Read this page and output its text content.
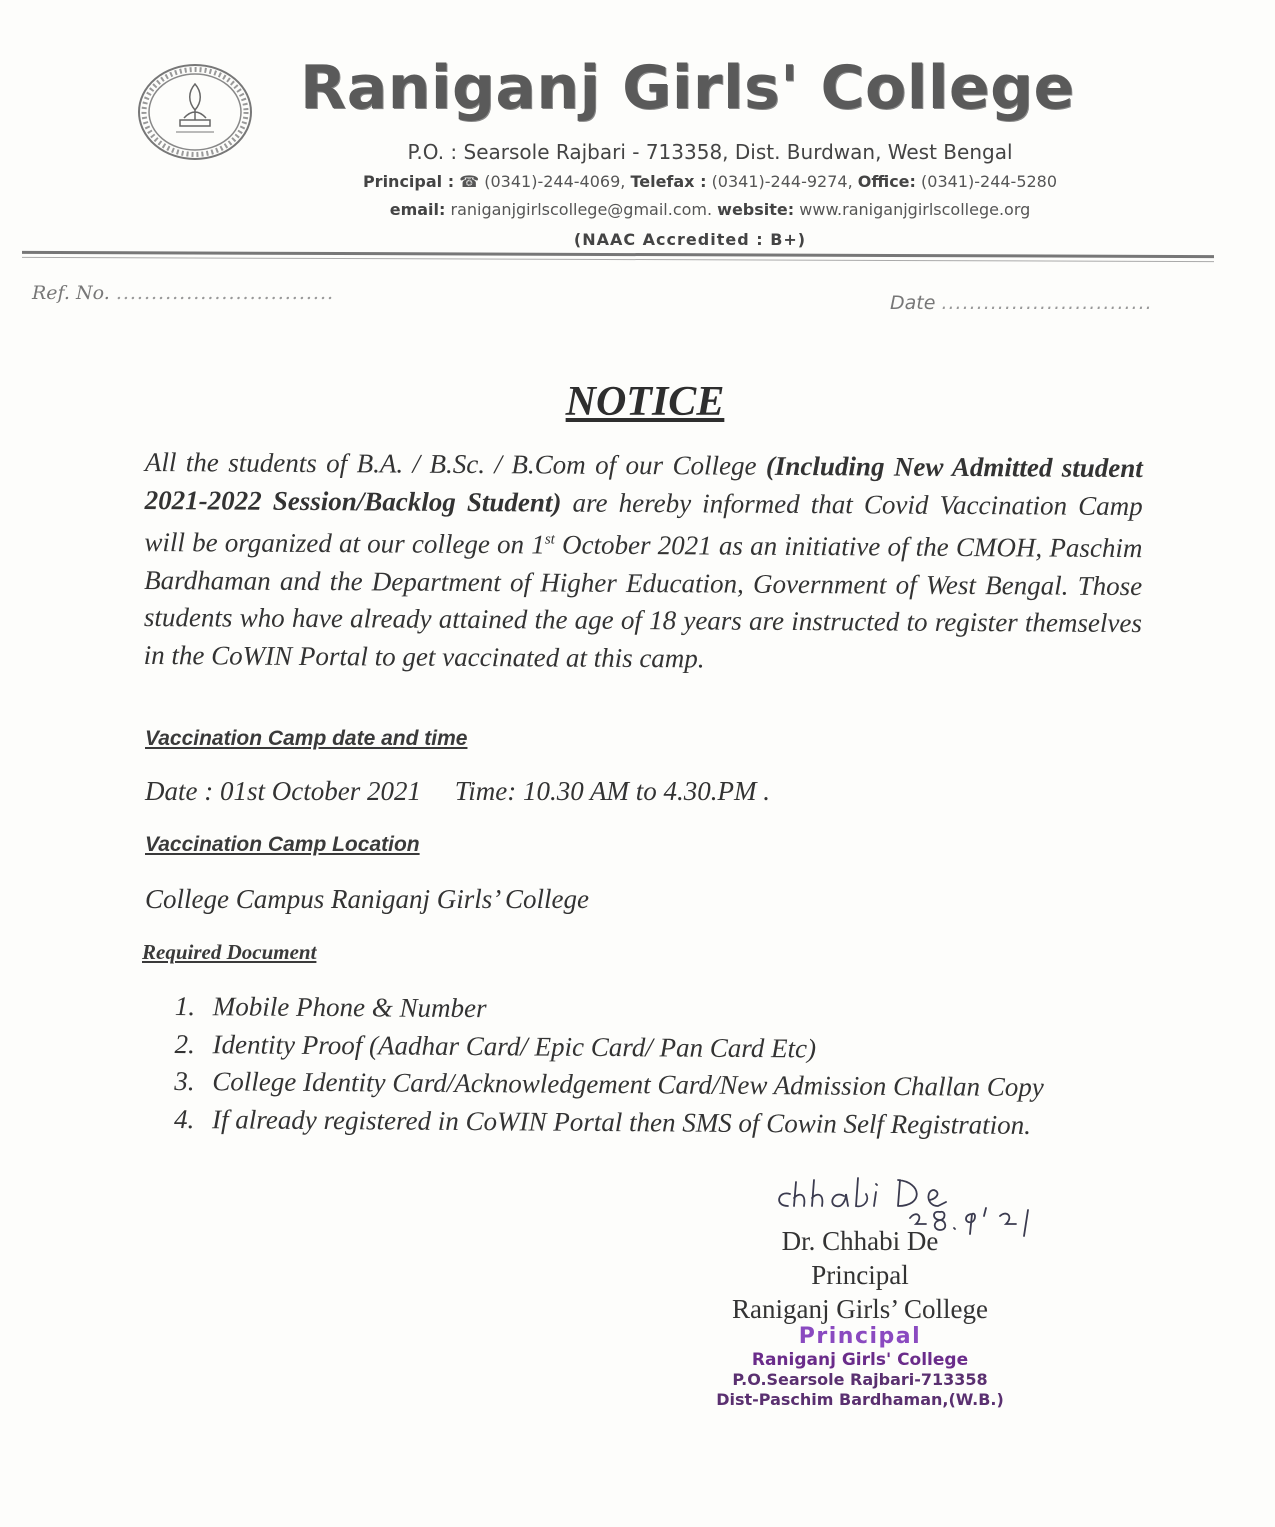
Raniganj Girls' College
P.O. : Searsole Rajbari - 713358, Dist. Burdwan, West Bengal
Principal : ☎ (0341)-244-4069, Telefax : (0341)-244-9274, Office: (0341)-244-5280
email: raniganjgirlscollege@gmail.com. website: www.raniganjgirlscollege.org
(NAAC Accredited : B+)
Ref. No. ...............................	Date ..............................
NOTICE
All the students of B.A. / B.Sc. / B.Com of our College (Including New Admitted student 2021-2022 Session/Backlog Student) are hereby informed that Covid Vaccination Camp will be organized at our college on 1st October 2021 as an initiative of the CMOH, Paschim Bardhaman and the Department of Higher Education, Government of West Bengal. Those students who have already attained the age of 18 years are instructed to register themselves in the CoWIN Portal to get vaccinated at this camp.
Vaccination Camp date and time
Date : 01st October 2021 Time: 10.30 AM to 4.30.PM .
Vaccination Camp Location
College Campus Raniganj Girls’ College
Required Document
1. Mobile Phone & Number
2. Identity Proof (Aadhar Card/ Epic Card/ Pan Card Etc)
3. College Identity Card/Acknowledgement Card/New Admission Challan Copy
4. If already registered in CoWIN Portal then SMS of Cowin Self Registration.
Dr. Chhabi De
Principal
Raniganj Girls’ College
Principal
Raniganj Girls' College
P.O.Searsole Rajbari-713358
Dist-Paschim Bardhaman,(W.B.)
